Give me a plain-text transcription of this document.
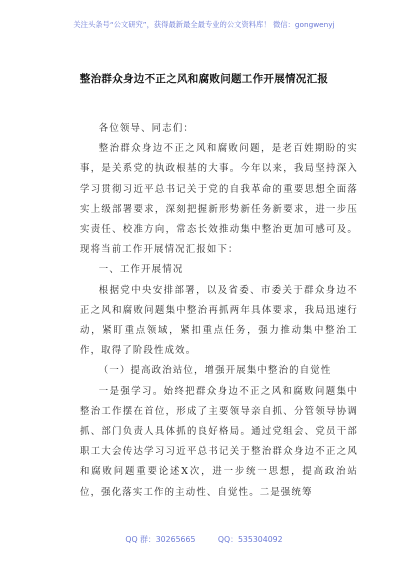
关注头条号“公文研究”，获得最新最全最专业的公文资料库！ 微信：gongwenyj
整治群众身边不正之风和腐败问题工作开展情况汇报

各位领导、同志们：

整治群众身边不正之风和腐败问题，是老百姓期盼的实事，是关系党的执政根基的大事。今年以来，我局坚持深入学习贯彻习近平总书记关于党的自我革命的重要思想全面落实上级部署要求，深刻把握新形势新任务新要求，进一步压实责任、校准方向，常态长效推动集中整治更加可感可及。现将当前工作开展情况汇报如下：

一、工作开展情况

根据党中央安排部署，以及省委、市委关于群众身边不正之风和腐败问题集中整治再抓两年具体要求，我局迅速行动，紧盯重点领域，紧扣重点任务，强力推动集中整治工作，取得了阶段性成效。

（一）提高政治站位，增强开展集中整治的自觉性

一是强学习。始终把群众身边不正之风和腐败问题集中整治工作摆在首位，形成了主要领导亲自抓、分管领导协调抓、部门负责人具体抓的良好格局。通过党组会、党员干部职工大会传达学习习近平总书记关于整治群众身边不正之风和腐败问题重要论述X次，进一步统一思想，提高政治站位，强化落实工作的主动性、自觉性。二是强统筹

QQ 群：30265665	QQ：535304092
